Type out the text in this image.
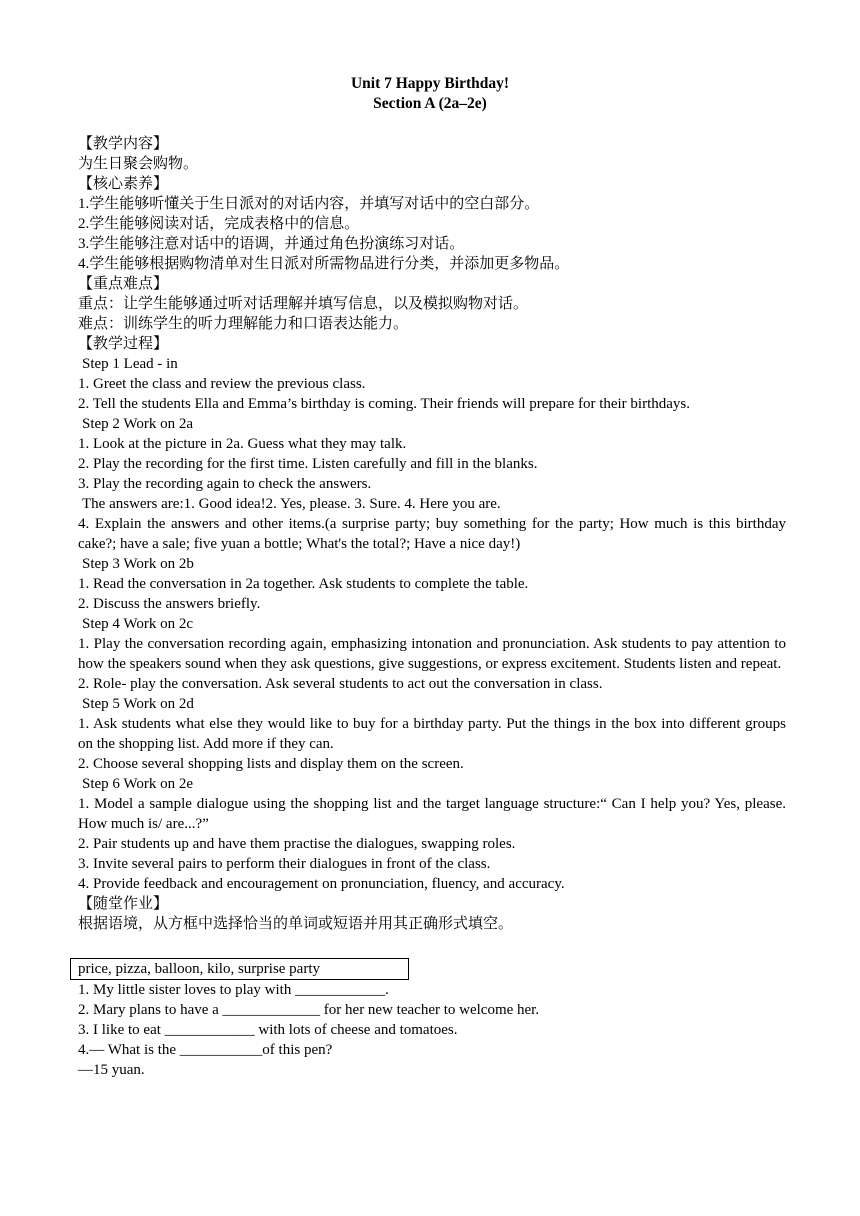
Unit 7 Happy Birthday!
Section A (2a–2e)
【教学内容】
为生日聚会购物。
【核心素养】
1.学生能够听懂关于生日派对的对话内容，并填写对话中的空白部分。
2.学生能够阅读对话，完成表格中的信息。
3.学生能够注意对话中的语调，并通过角色扮演练习对话。
4.学生能够根据购物清单对生日派对所需物品进行分类，并添加更多物品。
【重点难点】
重点：让学生能够通过听对话理解并填写信息，以及模拟购物对话。
难点：训练学生的听力理解能力和口语表达能力。
【教学过程】
Step 1 Lead - in
1. Greet the class and review the previous class.
2. Tell the students Ella and Emma’s birthday is coming. Their friends will prepare for their birthdays.
Step 2 Work on 2a
1. Look at the picture in 2a. Guess what they may talk.
2. Play the recording for the first time. Listen carefully and fill in the blanks.
3. Play the recording again to check the answers.
The answers are:1. Good idea!2. Yes, please. 3. Sure. 4. Here you are.
4. Explain the answers and other items.(a surprise party; buy something for the party; How much is this birthday cake?; have a sale; five yuan a bottle; What's the total?; Have a nice day!)
Step 3 Work on 2b
1. Read the conversation in 2a together. Ask students to complete the table.
2. Discuss the answers briefly.
Step 4 Work on 2c
1. Play the conversation recording again, emphasizing intonation and pronunciation. Ask students to pay attention to how the speakers sound when they ask questions, give suggestions, or express excitement. Students listen and repeat.
2. Role- play the conversation. Ask several students to act out the conversation in class.
Step 5 Work on 2d
1. Ask students what else they would like to buy for a birthday party. Put the things in the box into different groups on the shopping list. Add more if they can.
2. Choose several shopping lists and display them on the screen.
Step 6 Work on 2e
1. Model a sample dialogue using the shopping list and the target language structure:“ Can I help you? Yes, please. How much is/ are...?”
2. Pair students up and have them practise the dialogues, swapping roles.
3. Invite several pairs to perform their dialogues in front of the class.
4. Provide feedback and encouragement on pronunciation, fluency, and accuracy.
【随堂作业】
根据语境，从方框中选择恰当的单词或短语并用其正确形式填空。
price, pizza, balloon, kilo, surprise party
1. My little sister loves to play with ____________.
2. Mary plans to have a _____________ for her new teacher to welcome her.
3. I like to eat ____________ with lots of cheese and tomatoes.
4.— What is the ___________of this pen?
—15 yuan.
